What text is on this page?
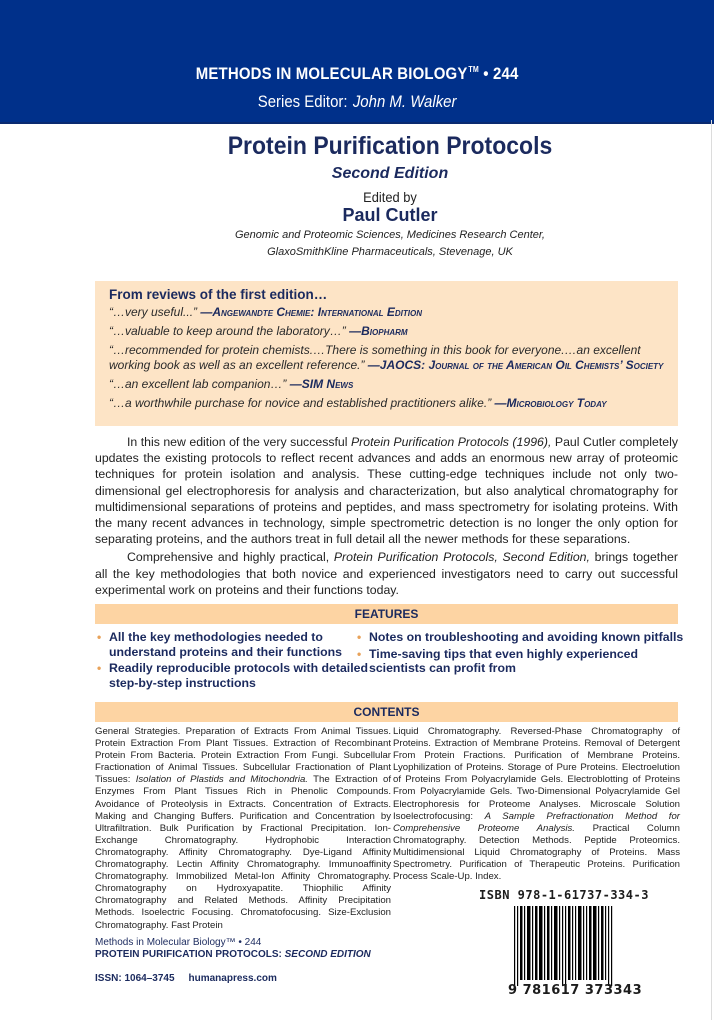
METHODS IN MOLECULAR BIOLOGY™ • 244
Series Editor: John M. Walker
Protein Purification Protocols
Second Edition
Edited by
Paul Cutler
Genomic and Proteomic Sciences, Medicines Research Center,
GlaxoSmithKline Pharmaceuticals, Stevenage, UK
From reviews of the first edition…
“…very useful...” —Angewandte Chemie: International Edition
“…valuable to keep around the laboratory…” —Biopharm
“…recommended for protein chemists.…There is something in this book for everyone.…an excellent working book as well as an excellent reference.” —JAOCS: Journal of the American Oil Chemists’ Society
“…an excellent lab companion…” —SIM News
“…a worthwhile purchase for novice and established practitioners alike.” —Microbiology Today

In this new edition of the very successful Protein Purification Protocols (1996), Paul Cutler completely updates the existing protocols to reflect recent advances and adds an enormous new array of proteomic techniques for protein isolation and analysis. These cutting-edge techniques include not only two-dimensional gel electrophoresis for analysis and characterization, but also analytical chromatography for multidimensional separations of proteins and peptides, and mass spectrometry for isolating proteins. With the many recent advances in technology, simple spectrometric detection is no longer the only option for separating proteins, and the authors treat in full detail all the newer methods for these separations.

Comprehensive and highly practical, Protein Purification Protocols, Second Edition, brings together all the key methodologies that both novice and experienced investigators need to carry out successful experimental work on proteins and their functions today.

FEATURES
• All the key methodologies needed to understand proteins and their functions
• Readily reproducible protocols with detailed step-by-step instructions
• Notes on troubleshooting and avoiding known pitfalls
• Time-saving tips that even highly experienced scientists can profit from
CONTENTS
General Strategies. Preparation of Extracts From Animal Tissues. Protein Extraction From Plant Tissues. Extraction of Recombinant Protein From Bacteria. Protein Extraction From Fungi. Subcellular Fractionation of Animal Tissues. Subcellular Fractionation of Plant Tissues: Isolation of Plastids and Mitochondria. The Extraction of Enzymes From Plant Tissues Rich in Phenolic Compounds. Avoidance of Proteolysis in Extracts. Concentration of Extracts. Making and Changing Buffers. Purification and Concentration by Ultrafiltration. Bulk Purification by Fractional Precipitation. Ion-Exchange Chromatography. Hydrophobic Interaction Chromatography. Affinity Chromatography. Dye-Ligand Affinity Chromatography. Lectin Affinity Chromatography. Immunoaffinity Chromatography. Immobilized Metal-Ion Affinity Chromatography. Chromatography on Hydroxyapatite. Thiophilic Affinity Chromatography and Related Methods. Affinity Precipitation Methods. Isoelectric Focusing. Chromatofocusing. Size-Exclusion Chromatography. Fast Protein
Liquid Chromatography. Reversed-Phase Chromatography of Proteins. Extraction of Membrane Proteins. Removal of Detergent From Protein Fractions. Purification of Membrane Proteins. Lyophilization of Proteins. Storage of Pure Proteins. Electroelution of Proteins From Polyacrylamide Gels. Electroblotting of Proteins From Polyacrylamide Gels. Two-Dimensional Polyacrylamide Gel Electrophoresis for Proteome Analyses. Microscale Solution Isoelectrofocusing: A Sample Prefractionation Method for Comprehensive Proteome Analysis. Practical Column Chromatography. Detection Methods. Peptide Proteomics. Multidimensional Liquid Chromatography of Proteins. Mass Spectrometry. Purification of Therapeutic Proteins. Purification Process Scale-Up. Index.
Methods in Molecular Biology™ • 244
PROTEIN PURIFICATION PROTOCOLS: SECOND EDITION
ISSN: 1064–3745 humanapress.com
ISBN 978-1-61737-334-3
9 781617 373343
